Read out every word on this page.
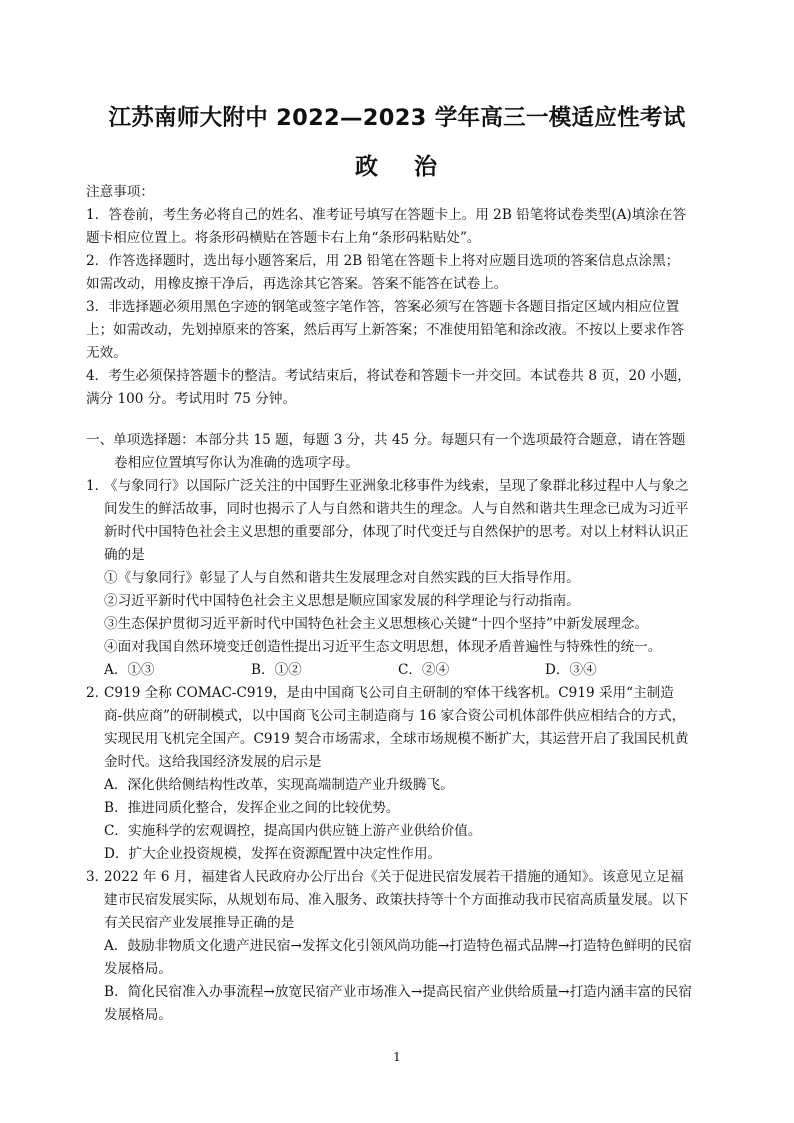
江苏南师大附中 2022—2023 学年高三一模适应性考试
政 治

注意事项：

1．答卷前，考生务必将自己的姓名、准考证号填写在答题卡上。用 2B 铅笔将试卷类型(A)填涂在答题卡相应位置上。将条形码横贴在答题卡右上角“条形码粘贴处”。

2．作答选择题时，选出每小题答案后，用 2B 铅笔在答题卡上将对应题目选项的答案信息点涂黑；如需改动，用橡皮擦干净后，再选涂其它答案。答案不能答在试卷上。

3．非选择题必须用黑色字迹的钢笔或签字笔作答，答案必须写在答题卡各题目指定区域内相应位置上；如需改动，先划掉原来的答案，然后再写上新答案；不准使用铅笔和涂改液。不按以上要求作答无效。

4．考生必须保持答题卡的整洁。考试结束后，将试卷和答题卡一并交回。本试卷共 8 页，20 小题，满分 100 分。考试用时 75 分钟。

一、单项选择题：本部分共 15 题，每题 3 分，共 45 分。每题只有一个选项最符合题意，请在答题卷相应位置填写你认为准确的选项字母。

1．《与象同行》以国际广泛关注的中国野生亚洲象北移事件为线索，呈现了象群北移过程中人与象之间发生的鲜活故事，同时也揭示了人与自然和谐共生的理念。人与自然和谐共生理念已成为习近平新时代中国特色社会主义思想的重要部分，体现了时代变迁与自然保护的思考。对以上材料认识正确的是

①《与象同行》彰显了人与自然和谐共生发展理念对自然实践的巨大指导作用。

②习近平新时代中国特色社会主义思想是顺应国家发展的科学理论与行动指南。

③生态保护贯彻习近平新时代中国特色社会主义思想核心关键“十四个坚持”中新发展理念。

④面对我国自然环境变迁创造性提出习近平生态文明思想，体现矛盾普遍性与特殊性的统一。

A．①③	B．①②	C．②④	D．③④
2．C919 全称 COMAC-C919，是由中国商飞公司自主研制的窄体干线客机。C919 采用“主制造商-供应商”的研制模式，以中国商飞公司主制造商与 16 家合资公司机体部件供应相结合的方式，实现民用飞机完全国产。C919 契合市场需求，全球市场规模不断扩大，其运营开启了我国民机黄金时代。这给我国经济发展的启示是

A．深化供给侧结构性改革，实现高端制造产业升级腾飞。

B．推进同质化整合，发挥企业之间的比较优势。

C．实施科学的宏观调控，提高国内供应链上游产业供给价值。

D．扩大企业投资规模，发挥在资源配置中决定性作用。

3．2022 年 6 月，福建省人民政府办公厅出台《关于促进民宿发展若干措施的通知》。该意见立足福建市民宿发展实际，从规划布局、准入服务、政策扶持等十个方面推动我市民宿高质量发展。以下有关民宿产业发展推导正确的是

A．鼓励非物质文化遗产进民宿→发挥文化引领风尚功能→打造特色福式品牌→打造特色鲜明的民宿发展格局。

B．简化民宿准入办事流程→放宽民宿产业市场准入→提高民宿产业供给质量→打造内涵丰富的民宿发展格局。

1
